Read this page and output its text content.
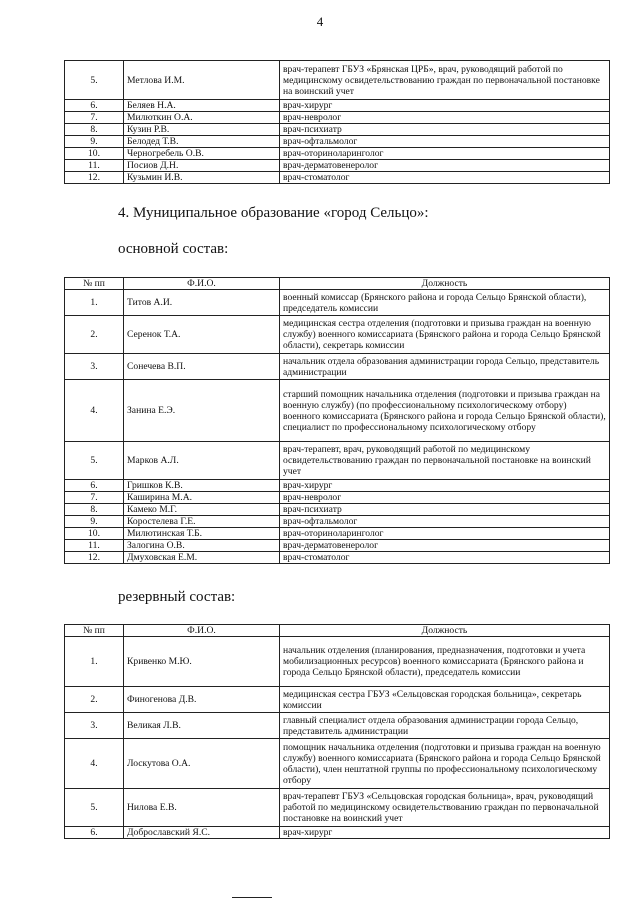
4
5.	Метлова И.М.	врач-терапевт ГБУЗ «Брянская ЦРБ», врач, руководящий работой по медицинскому освидетельствованию граждан по первоначальной постановке на воинский учет
6.	Беляев Н.А.	врач-хирург
7.	Милюткин О.А.	врач-невролог
8.	Кузин Р.В.	врач-психиатр
9.	Белодед Т.В.	врач-офтальмолог
10.	Черногребель О.В.	врач-оториноларинголог
11.	Посиов Д.Н.	врач-дерматовенеролог
12.	Кузьмин И.В.	врач-стоматолог
4. Муниципальное образование «город Сельцо»:
основной состав:
№ пп	Ф.И.О.	Должность
1.	Титов А.И.	военный комиссар (Брянского района и города Сельцо Брянской области), председатель комиссии
2.	Серенок Т.А.	медицинская сестра отделения (подготовки и призыва граждан на военную службу) военного комиссариата (Брянского района и города Сельцо Брянской области), секретарь комиссии
3.	Сонечева В.П.	начальник отдела образования администрации города Сельцо, представитель администрации
4.	Занина Е.Э.	старший помощник начальника отделения (подготовки и призыва граждан на военную службу) (по профессиональному психологическому отбору) военного комиссариата (Брянского района и города Сельцо Брянской области), специалист по профессиональному психологическому отбору
5.	Марков А.Л.	врач-терапевт, врач, руководящий работой по медицинскому освидетельствованию граждан по первоначальной постановке на воинский учет
6.	Гришков К.В.	врач-хирург
7.	Каширина М.А.	врач-невролог
8.	Камеко М.Г.	врач-психиатр
9.	Коростелева Г.Е.	врач-офтальмолог
10.	Милютинская Т.Б.	врач-оториноларинголог
11.	Залогина О.В.	врач-дерматовенеролог
12.	Дмуховская Е.М.	врач-стоматолог
резервный состав:
№ пп	Ф.И.О.	Должность
1.	Кривенко М.Ю.	начальник отделения (планирования, предназначения, подготовки и учета мобилизационных ресурсов) военного комиссариата (Брянского района и города Сельцо Брянской области), председатель комиссии
2.	Финогенова Д.В.	медицинская сестра ГБУЗ «Сельцовская городская больница», секретарь комиссии
3.	Великая Л.В.	главный специалист отдела образования администрации города Сельцо, представитель администрации
4.	Лоскутова О.А.	помощник начальника отделения (подготовки и призыва граждан на военную службу) военного комиссариата (Брянского района и города Сельцо Брянской области), член нештатной группы по профессиональному психологическому отбору
5.	Нилова Е.В.	врач-терапевт ГБУЗ «Сельцовская городская больница», врач, руководящий работой по медицинскому освидетельствованию граждан по первоначальной постановке на воинский учет
6.	Доброславский Я.С.	врач-хирург
